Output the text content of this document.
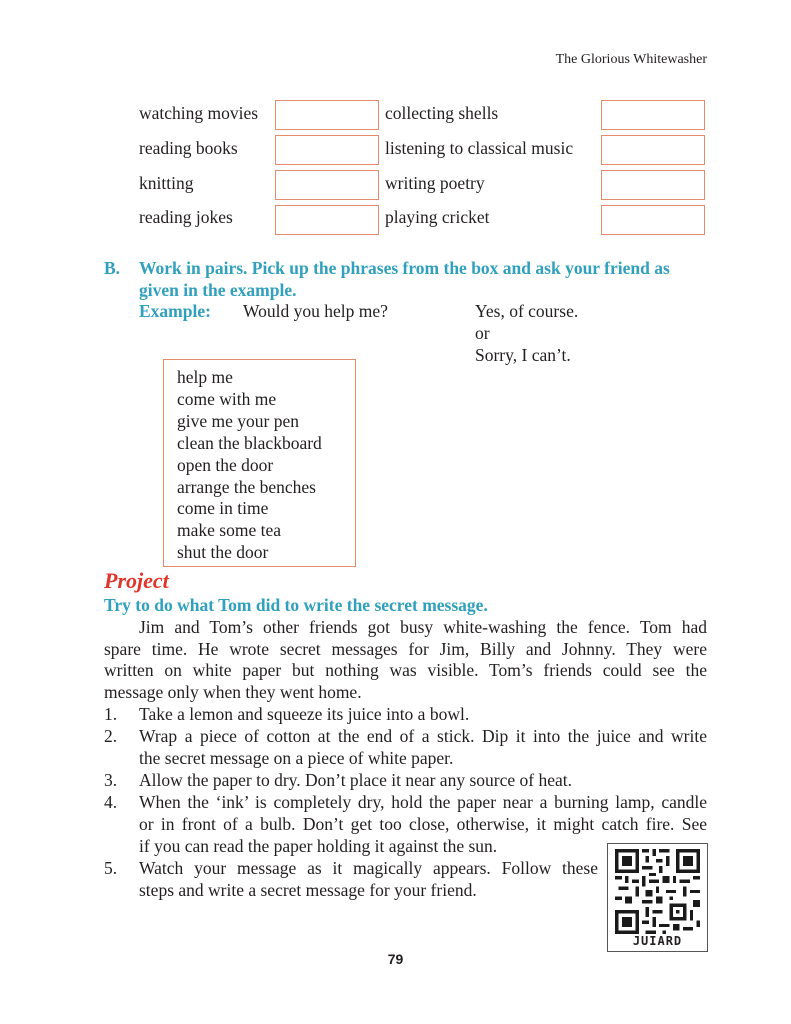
The Glorious Whitewasher
watching movies	collecting shells
reading books	listening to classical music
knitting	writing poetry
reading jokes	playing cricket
B. Work in pairs. Pick up the phrases from the box and ask your friend as
given in the example.
Example: Would you help me?	Yes, of course.
or
Sorry, I can’t.
help me
come with me
give me your pen
clean the blackboard
open the door
arrange the benches
come in time
make some tea
shut the door
Project
Try to do what Tom did to write the secret message.
Jim and Tom’s other friends got busy white-washing the fence. Tom had
spare time. He wrote secret messages for Jim, Billy and Johnny. They were
written on white paper but nothing was visible. Tom’s friends could see the
message only when they went home.
1. Take a lemon and squeeze its juice into a bowl.
2. Wrap a piece of cotton at the end of a stick. Dip it into the juice and write
the secret message on a piece of white paper.
3. Allow the paper to dry. Don’t place it near any source of heat.
4. When the ‘ink’ is completely dry, hold the paper near a burning lamp, candle
or in front of a bulb. Don’t get too close, otherwise, it might catch fire. See
if you can read the paper holding it against the sun.
5. Watch your message as it magically appears. Follow these
steps and write a secret message for your friend.
JUIARD
79
